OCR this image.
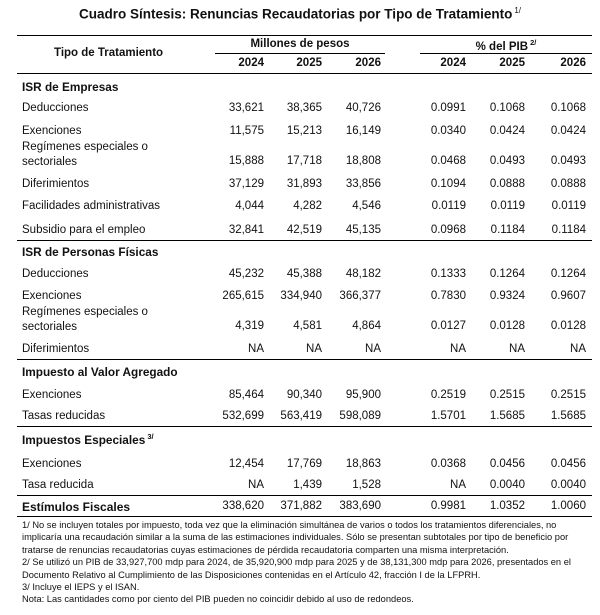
Cuadro Síntesis: Renuncias Recaudatorias por Tipo de Tratamiento $^{1/}$
Tipo de Tratamiento
Millones de pesos	% del PIB $^{2/}$
2024	2025	2026	2024	2025	2026
ISR de Empresas
Deducciones	33,621	38,365	40,726	0.0991	0.1068	0.1068
Exenciones	11,575	15,213	16,149	0.0340	0.0424	0.0424
Regímenes especiales o sectoriales	15,888	17,718	18,808	0.0468	0.0493	0.0493
Diferimientos	37,129	31,893	33,856	0.1094	0.0888	0.0888
Facilidades administrativas	4,044	4,282	4,546	0.0119	0.0119	0.0119
Subsidio para el empleo	32,841	42,519	45,135	0.0968	0.1184	0.1184
ISR de Personas Físicas
Deducciones	45,232	45,388	48,182	0.1333	0.1264	0.1264
Exenciones	265,615	334,940	366,377	0.7830	0.9324	0.9607
Regímenes especiales o sectoriales	4,319	4,581	4,864	0.0127	0.0128	0.0128
Diferimientos	NA	NA	NA	NA	NA	NA
Impuesto al Valor Agregado
Exenciones	85,464	90,340	95,900	0.2519	0.2515	0.2515
Tasas reducidas	532,699	563,419	598,089	1.5701	1.5685	1.5685
Impuestos Especiales $^{3/}$
Exenciones	12,454	17,769	18,863	0.0368	0.0456	0.0456
Tasa reducida	NA	1,439	1,528	NA	0.0040	0.0040
Estímulos Fiscales	338,620	371,882	383,690	0.9981	1.0352	1.0060
1/ No se incluyen totales por impuesto, toda vez que la eliminación simultánea de varios o todos los tratamientos diferenciales, no implicaría una recaudación similar a la suma de las estimaciones individuales. Sólo se presentan subtotales por tipo de beneficio por tratarse de renuncias recaudatorias cuyas estimaciones de pérdida recaudatoria comparten una misma interpretación.
2/ Se utilizó un PIB de 33,927,700 mdp para 2024, de 35,920,900 mdp para 2025 y de 38,131,300 mdp para 2026, presentados en el Documento Relativo al Cumplimiento de las Disposiciones contenidas en el Artículo 42, fracción I de la LFPRH.
3/ Incluye el IEPS y el ISAN.
Nota: Las cantidades como por ciento del PIB pueden no coincidir debido al uso de redondeos.
